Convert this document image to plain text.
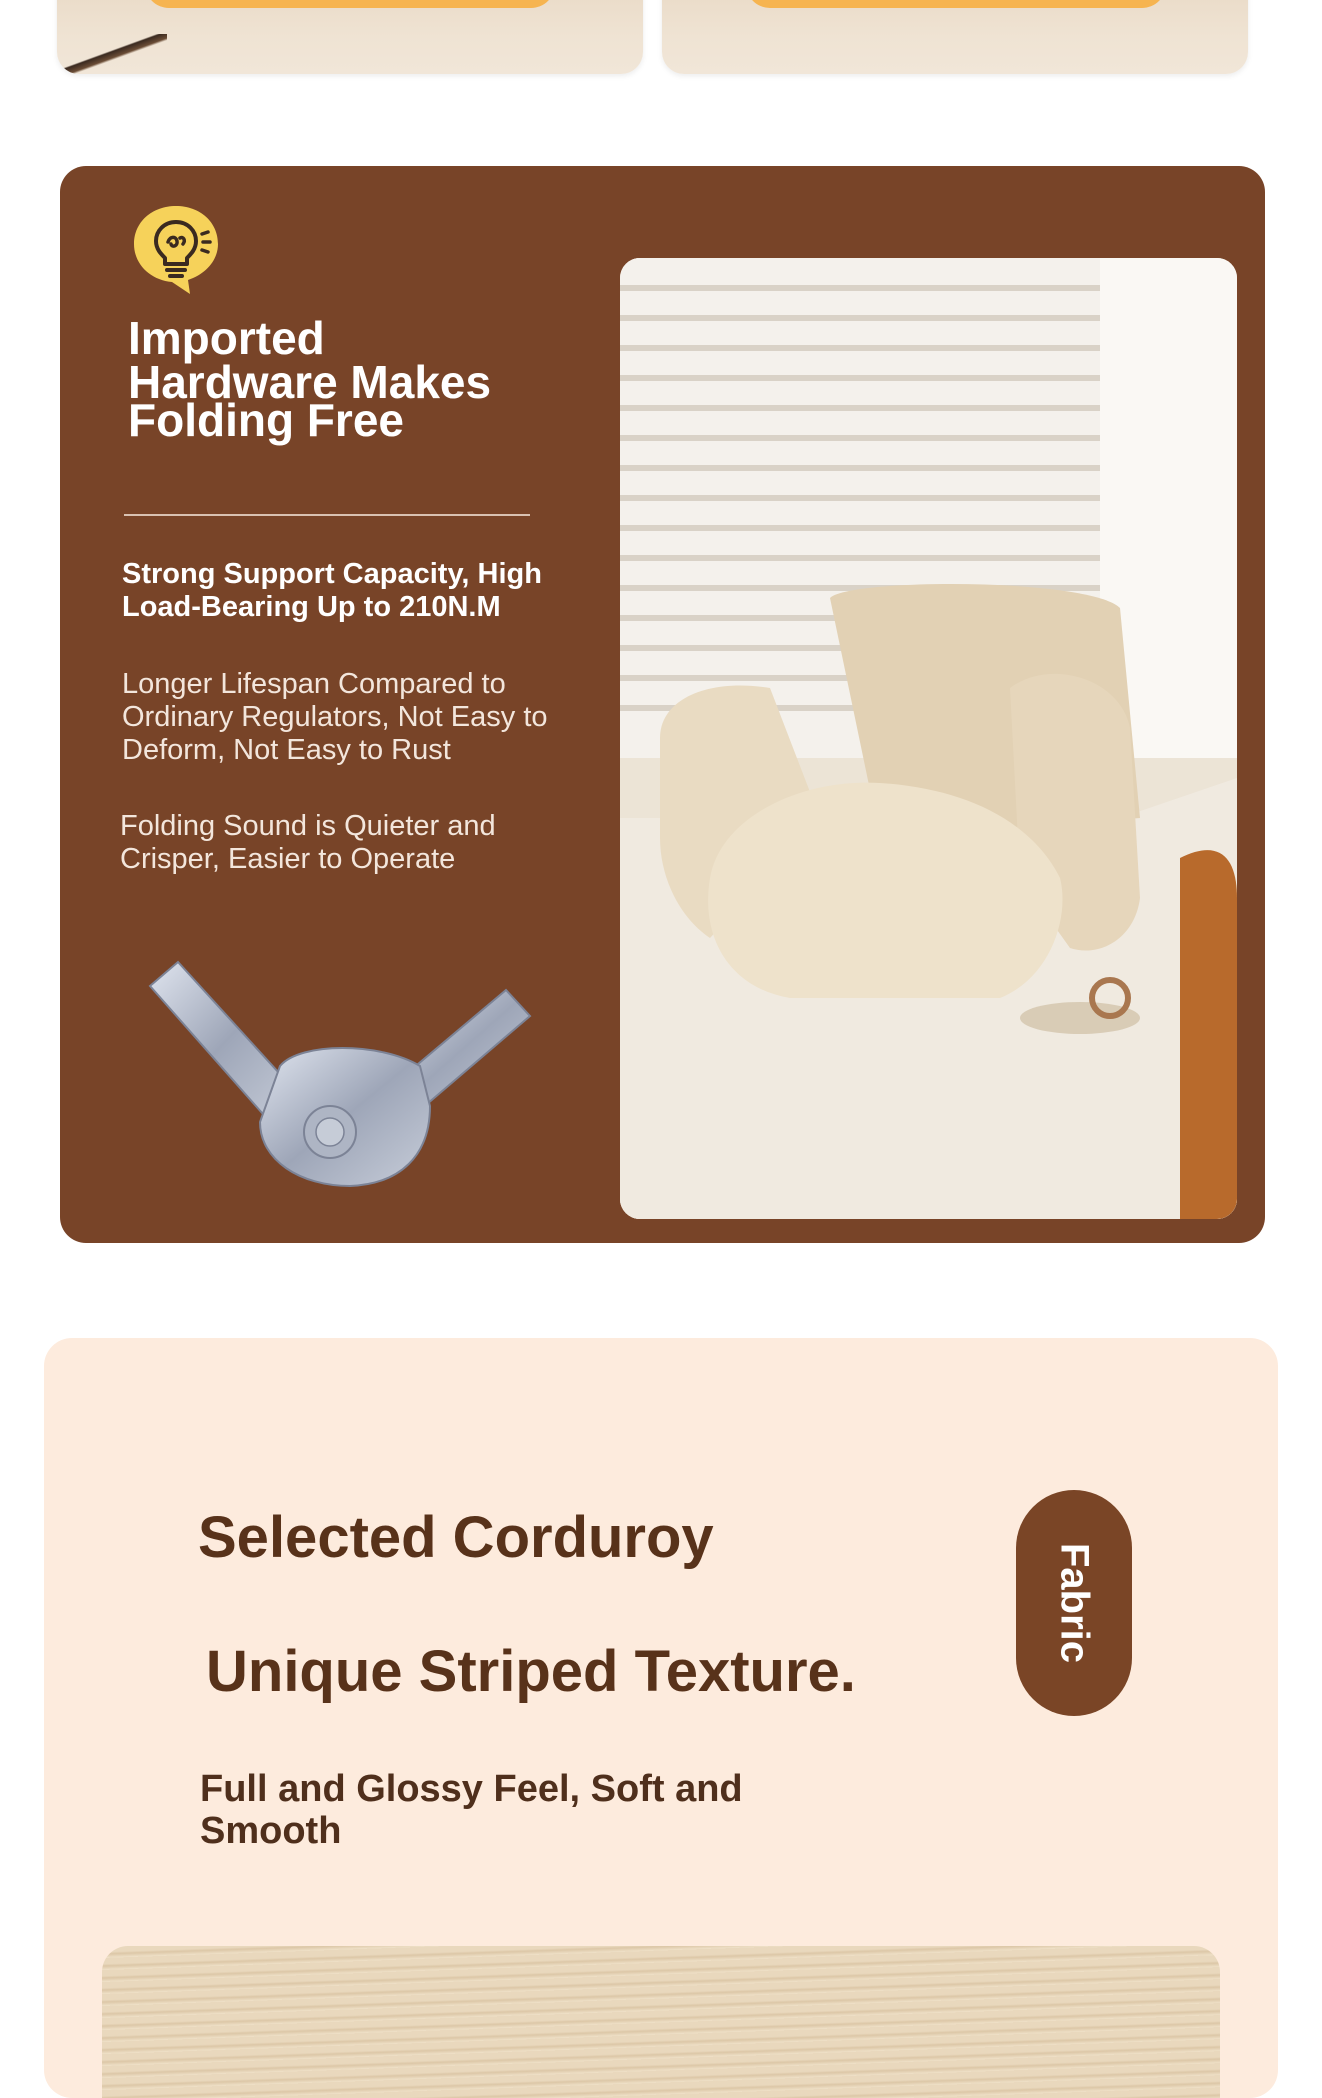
Imported
Hardware Makes
Folding Free
Strong Support Capacity, High Load-Bearing Up to 210N.M
Longer Lifespan Compared to Ordinary Regulators, Not Easy to Deform, Not Easy to Rust
Folding Sound is Quieter and Crisper, Easier to Operate
Selected Corduroy
Unique Striped Texture.
Full and Glossy Feel, Soft and Smooth
Fabric
